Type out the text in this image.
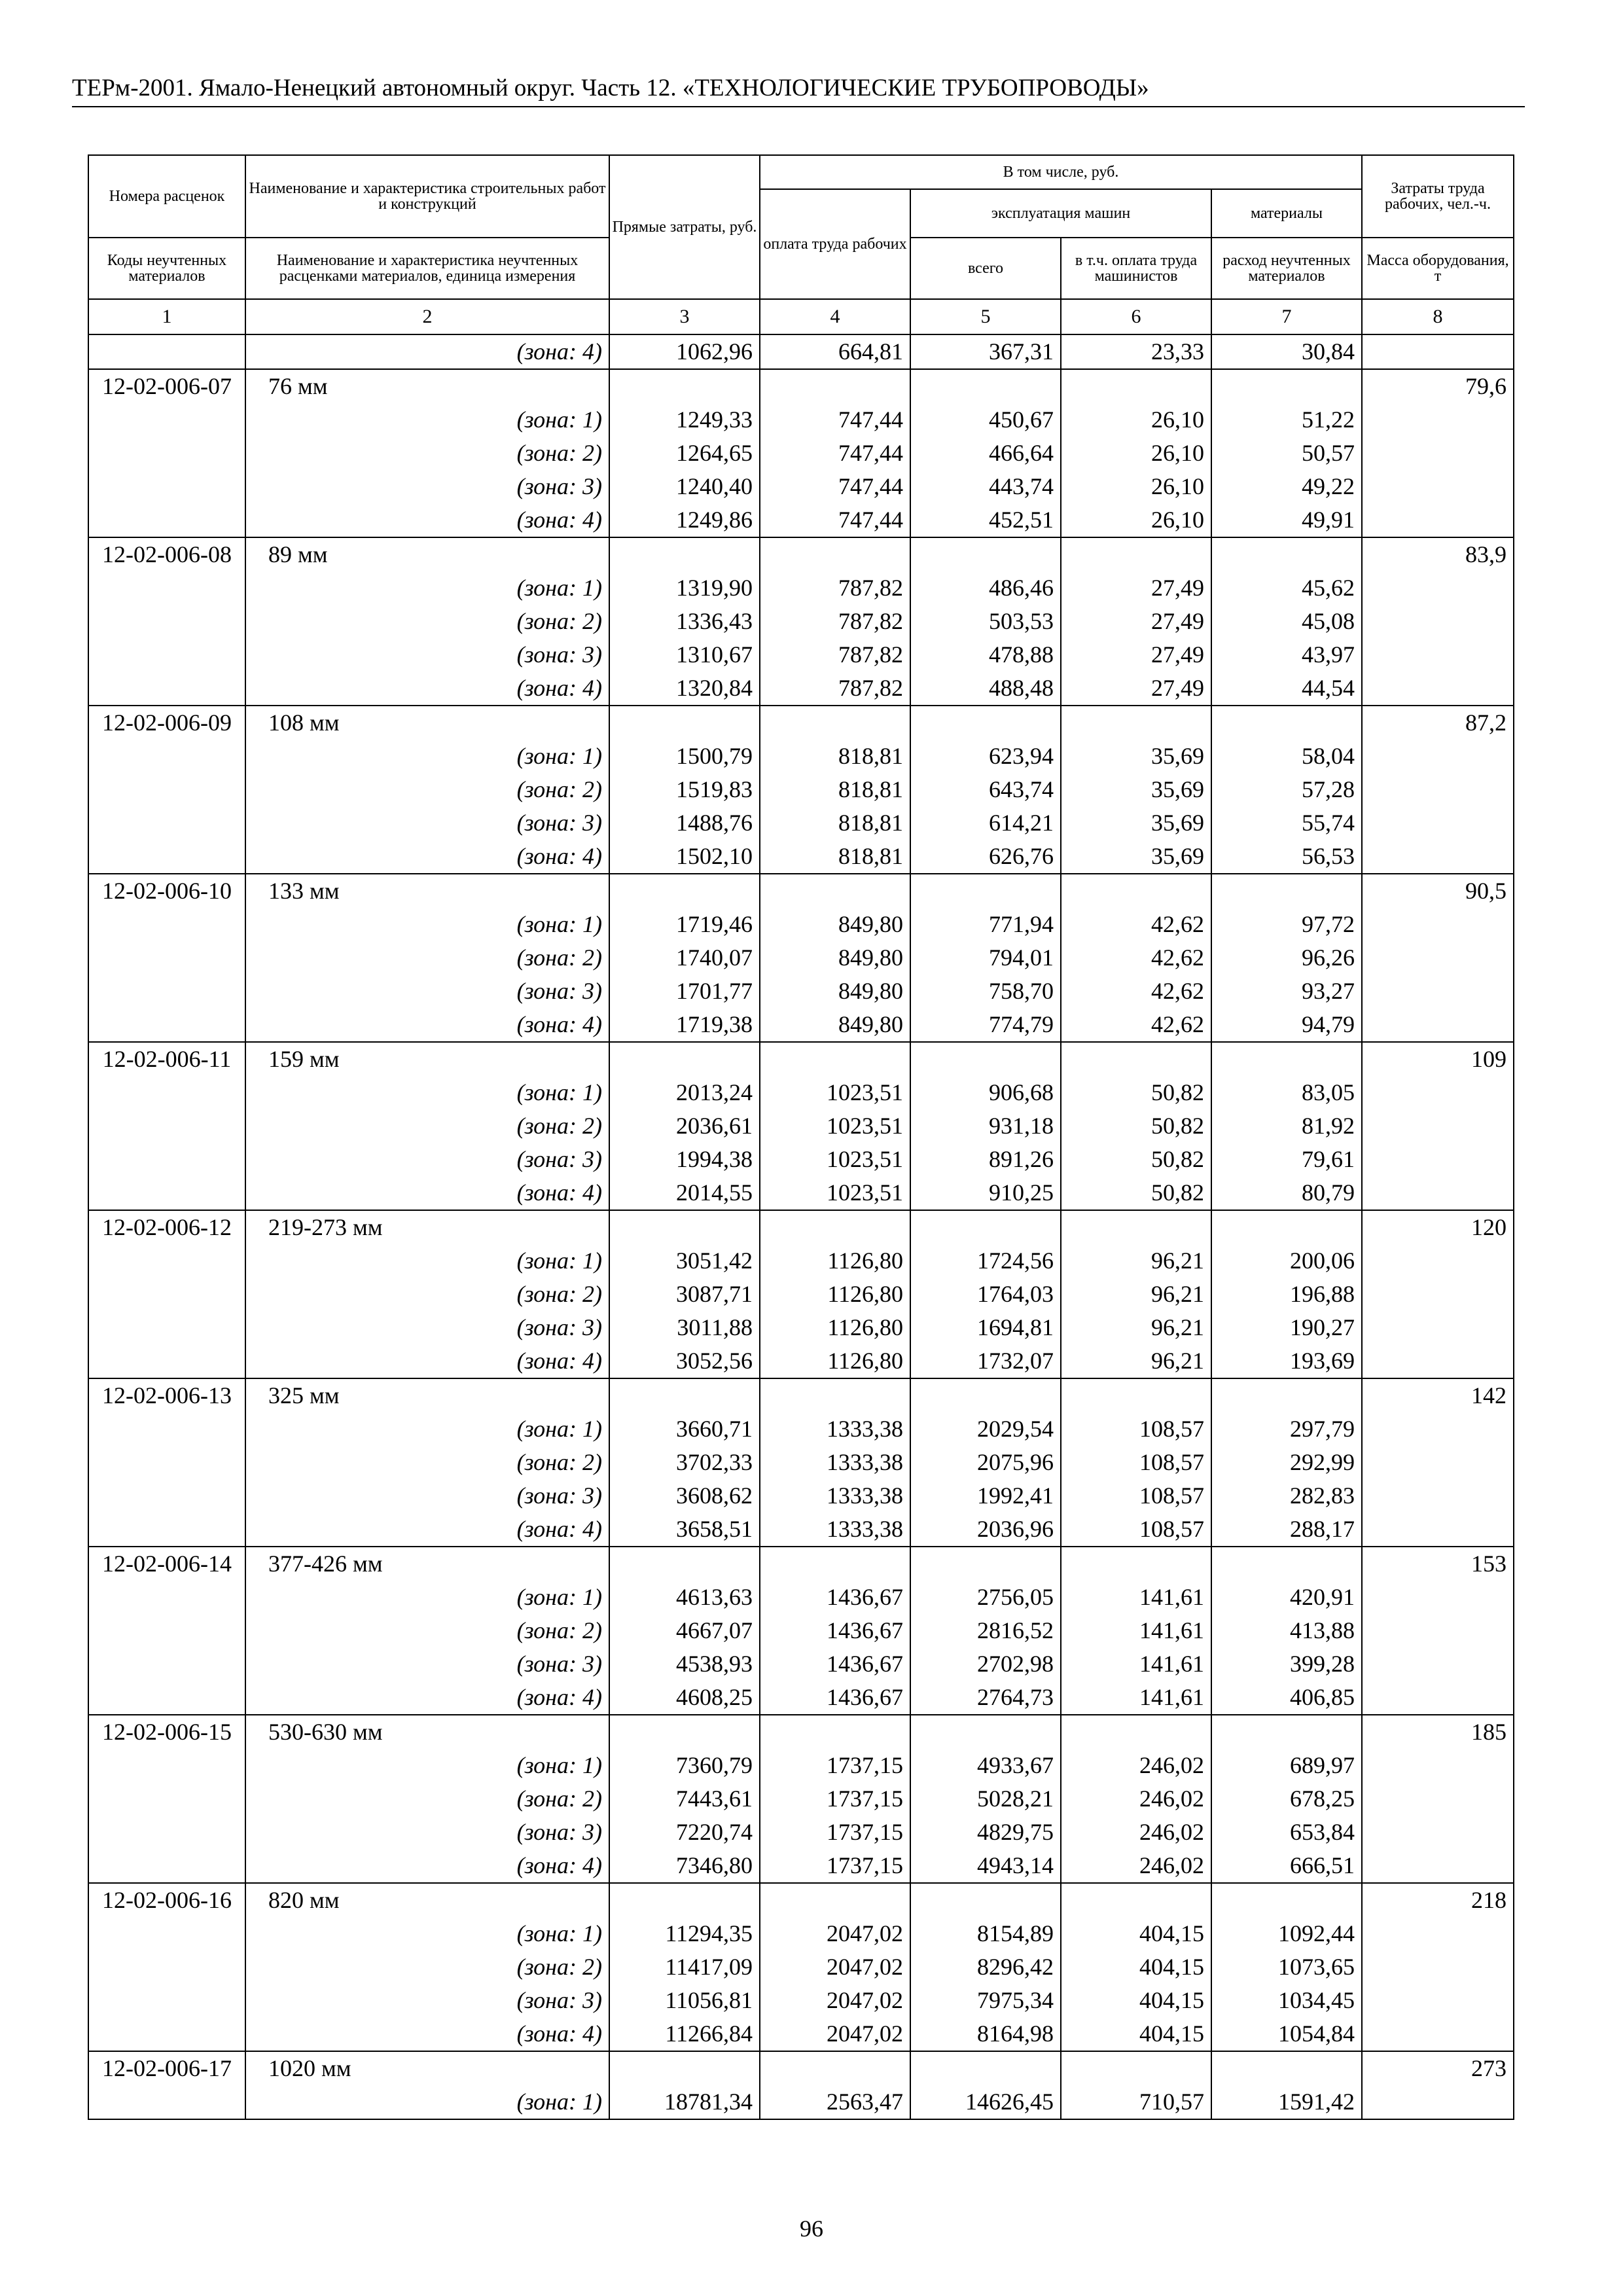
ТЕРм-2001. Ямало-Ненецкий автономный округ. Часть 12. «ТЕХНОЛОГИЧЕСКИЕ ТРУБОПРОВОДЫ»
Номера расценок	Наименование и характеристика строительных работ и конструкций	Прямые затраты, руб.	В том числе, руб.				Затраты труда рабочих, чел.-ч.
			оплата труда рабочих	эксплуатация машин		материалы	
Коды неучтенных материалов	Наименование и характеристика неучтенных расценками материалов, единица измерения			всего	в т.ч. оплата труда машинистов	расход неучтенных материалов	Масса оборудования, т
1	2	3	4	5	6	7	8
	(зона: 4)	1062,96	664,81	367,31	23,33	30,84	
12-02-006-07	76 мм						79,6
	(зона: 1)	1249,33	747,44	450,67	26,10	51,22	
	(зона: 2)	1264,65	747,44	466,64	26,10	50,57	
	(зона: 3)	1240,40	747,44	443,74	26,10	49,22	
	(зона: 4)	1249,86	747,44	452,51	26,10	49,91	
12-02-006-08	89 мм						83,9
	(зона: 1)	1319,90	787,82	486,46	27,49	45,62	
	(зона: 2)	1336,43	787,82	503,53	27,49	45,08	
	(зона: 3)	1310,67	787,82	478,88	27,49	43,97	
	(зона: 4)	1320,84	787,82	488,48	27,49	44,54	
12-02-006-09	108 мм						87,2
	(зона: 1)	1500,79	818,81	623,94	35,69	58,04	
	(зона: 2)	1519,83	818,81	643,74	35,69	57,28	
	(зона: 3)	1488,76	818,81	614,21	35,69	55,74	
	(зона: 4)	1502,10	818,81	626,76	35,69	56,53	
12-02-006-10	133 мм						90,5
	(зона: 1)	1719,46	849,80	771,94	42,62	97,72	
	(зона: 2)	1740,07	849,80	794,01	42,62	96,26	
	(зона: 3)	1701,77	849,80	758,70	42,62	93,27	
	(зона: 4)	1719,38	849,80	774,79	42,62	94,79	
12-02-006-11	159 мм						109
	(зона: 1)	2013,24	1023,51	906,68	50,82	83,05	
	(зона: 2)	2036,61	1023,51	931,18	50,82	81,92	
	(зона: 3)	1994,38	1023,51	891,26	50,82	79,61	
	(зона: 4)	2014,55	1023,51	910,25	50,82	80,79	
12-02-006-12	219-273 мм						120
	(зона: 1)	3051,42	1126,80	1724,56	96,21	200,06	
	(зона: 2)	3087,71	1126,80	1764,03	96,21	196,88	
	(зона: 3)	3011,88	1126,80	1694,81	96,21	190,27	
	(зона: 4)	3052,56	1126,80	1732,07	96,21	193,69	
12-02-006-13	325 мм						142
	(зона: 1)	3660,71	1333,38	2029,54	108,57	297,79	
	(зона: 2)	3702,33	1333,38	2075,96	108,57	292,99	
	(зона: 3)	3608,62	1333,38	1992,41	108,57	282,83	
	(зона: 4)	3658,51	1333,38	2036,96	108,57	288,17	
12-02-006-14	377-426 мм						153
	(зона: 1)	4613,63	1436,67	2756,05	141,61	420,91	
	(зона: 2)	4667,07	1436,67	2816,52	141,61	413,88	
	(зона: 3)	4538,93	1436,67	2702,98	141,61	399,28	
	(зона: 4)	4608,25	1436,67	2764,73	141,61	406,85	
12-02-006-15	530-630 мм						185
	(зона: 1)	7360,79	1737,15	4933,67	246,02	689,97	
	(зона: 2)	7443,61	1737,15	5028,21	246,02	678,25	
	(зона: 3)	7220,74	1737,15	4829,75	246,02	653,84	
	(зона: 4)	7346,80	1737,15	4943,14	246,02	666,51	
12-02-006-16	820 мм						218
	(зона: 1)	11294,35	2047,02	8154,89	404,15	1092,44	
	(зона: 2)	11417,09	2047,02	8296,42	404,15	1073,65	
	(зона: 3)	11056,81	2047,02	7975,34	404,15	1034,45	
	(зона: 4)	11266,84	2047,02	8164,98	404,15	1054,84	
12-02-006-17	1020 мм						273
	(зона: 1)	18781,34	2563,47	14626,45	710,57	1591,42	
96
